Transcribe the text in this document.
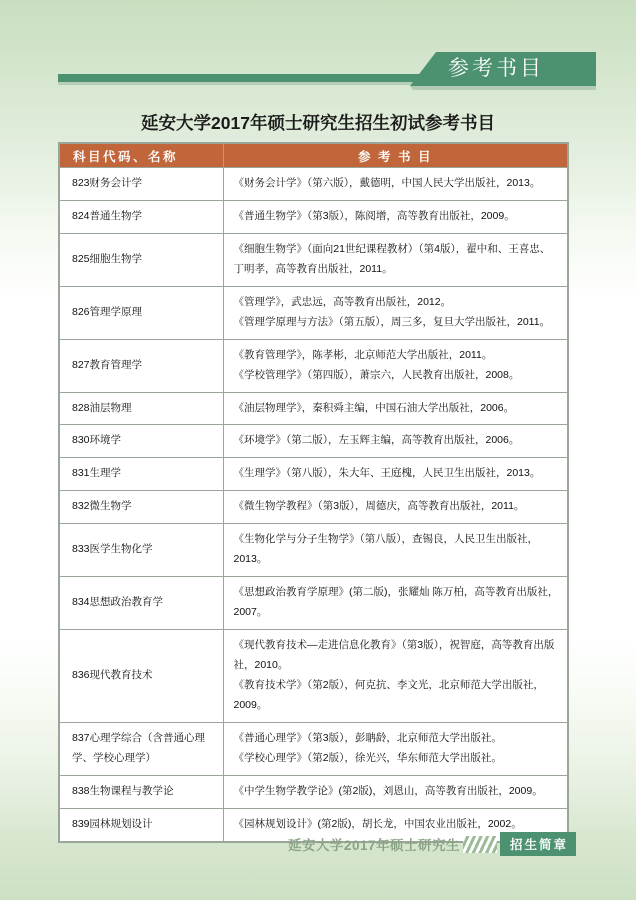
参考书目
延安大学2017年硕士研究生招生初试参考书目
科目代码、名称	参 考 书 目
823财务会计学	《财务会计学》（第六版），戴德明，中国人民大学出版社，2013。

824普通生物学	《普通生物学》（第3版），陈阅增，高等教育出版社，2009。

825细胞生物学	《细胞生物学》（面向21世纪课程教材）（第4版），翟中和、王喜忠、丁明孝，高等教育出版社，2011。

826管理学原理	《管理学》，武忠远，高等教育出版社，2012。

《管理学原理与方法》（第五版），周三多，复旦大学出版社，2011。

827教育管理学	《教育管理学》，陈孝彬，北京师范大学出版社，2011。

《学校管理学》（第四版），萧宗六，人民教育出版社，2008。

828油层物理	《油层物理学》，秦积舜主编，中国石油大学出版社，2006。

830环境学	《环境学》（第二版），左玉辉主编，高等教育出版社，2006。

831生理学	《生理学》（第八版），朱大年、王庭槐，人民卫生出版社，2013。

832微生物学	《微生物学教程》（第3版），周德庆，高等教育出版社，2011。

833医学生物化学	《生物化学与分子生物学》（第八版），查锡良，人民卫生出版社，2013。

834思想政治教育学	《思想政治教育学原理》(第二版)，张耀灿 陈万柏，高等教育出版社，2007。

836现代教育技术	《现代教育技术—走进信息化教育》（第3版），祝智庭，高等教育出版社，2010。

《教育技术学》（第2版），何克抗、李文光，北京师范大学出版社，2009。

837心理学综合（含普通心理学、学校心理学）	《普通心理学》（第3版），彭聃龄，北京师范大学出版社。

《学校心理学》（第2版），徐光兴，华东师范大学出版社。

838生物课程与教学论	《中学生物学教学论》(第2版)，刘恩山，高等教育出版社，2009。

839园林规划设计	《园林规划设计》(第2版)，胡长龙，中国农业出版社，2002。

延安大学2017年硕士研究生	招生简章
